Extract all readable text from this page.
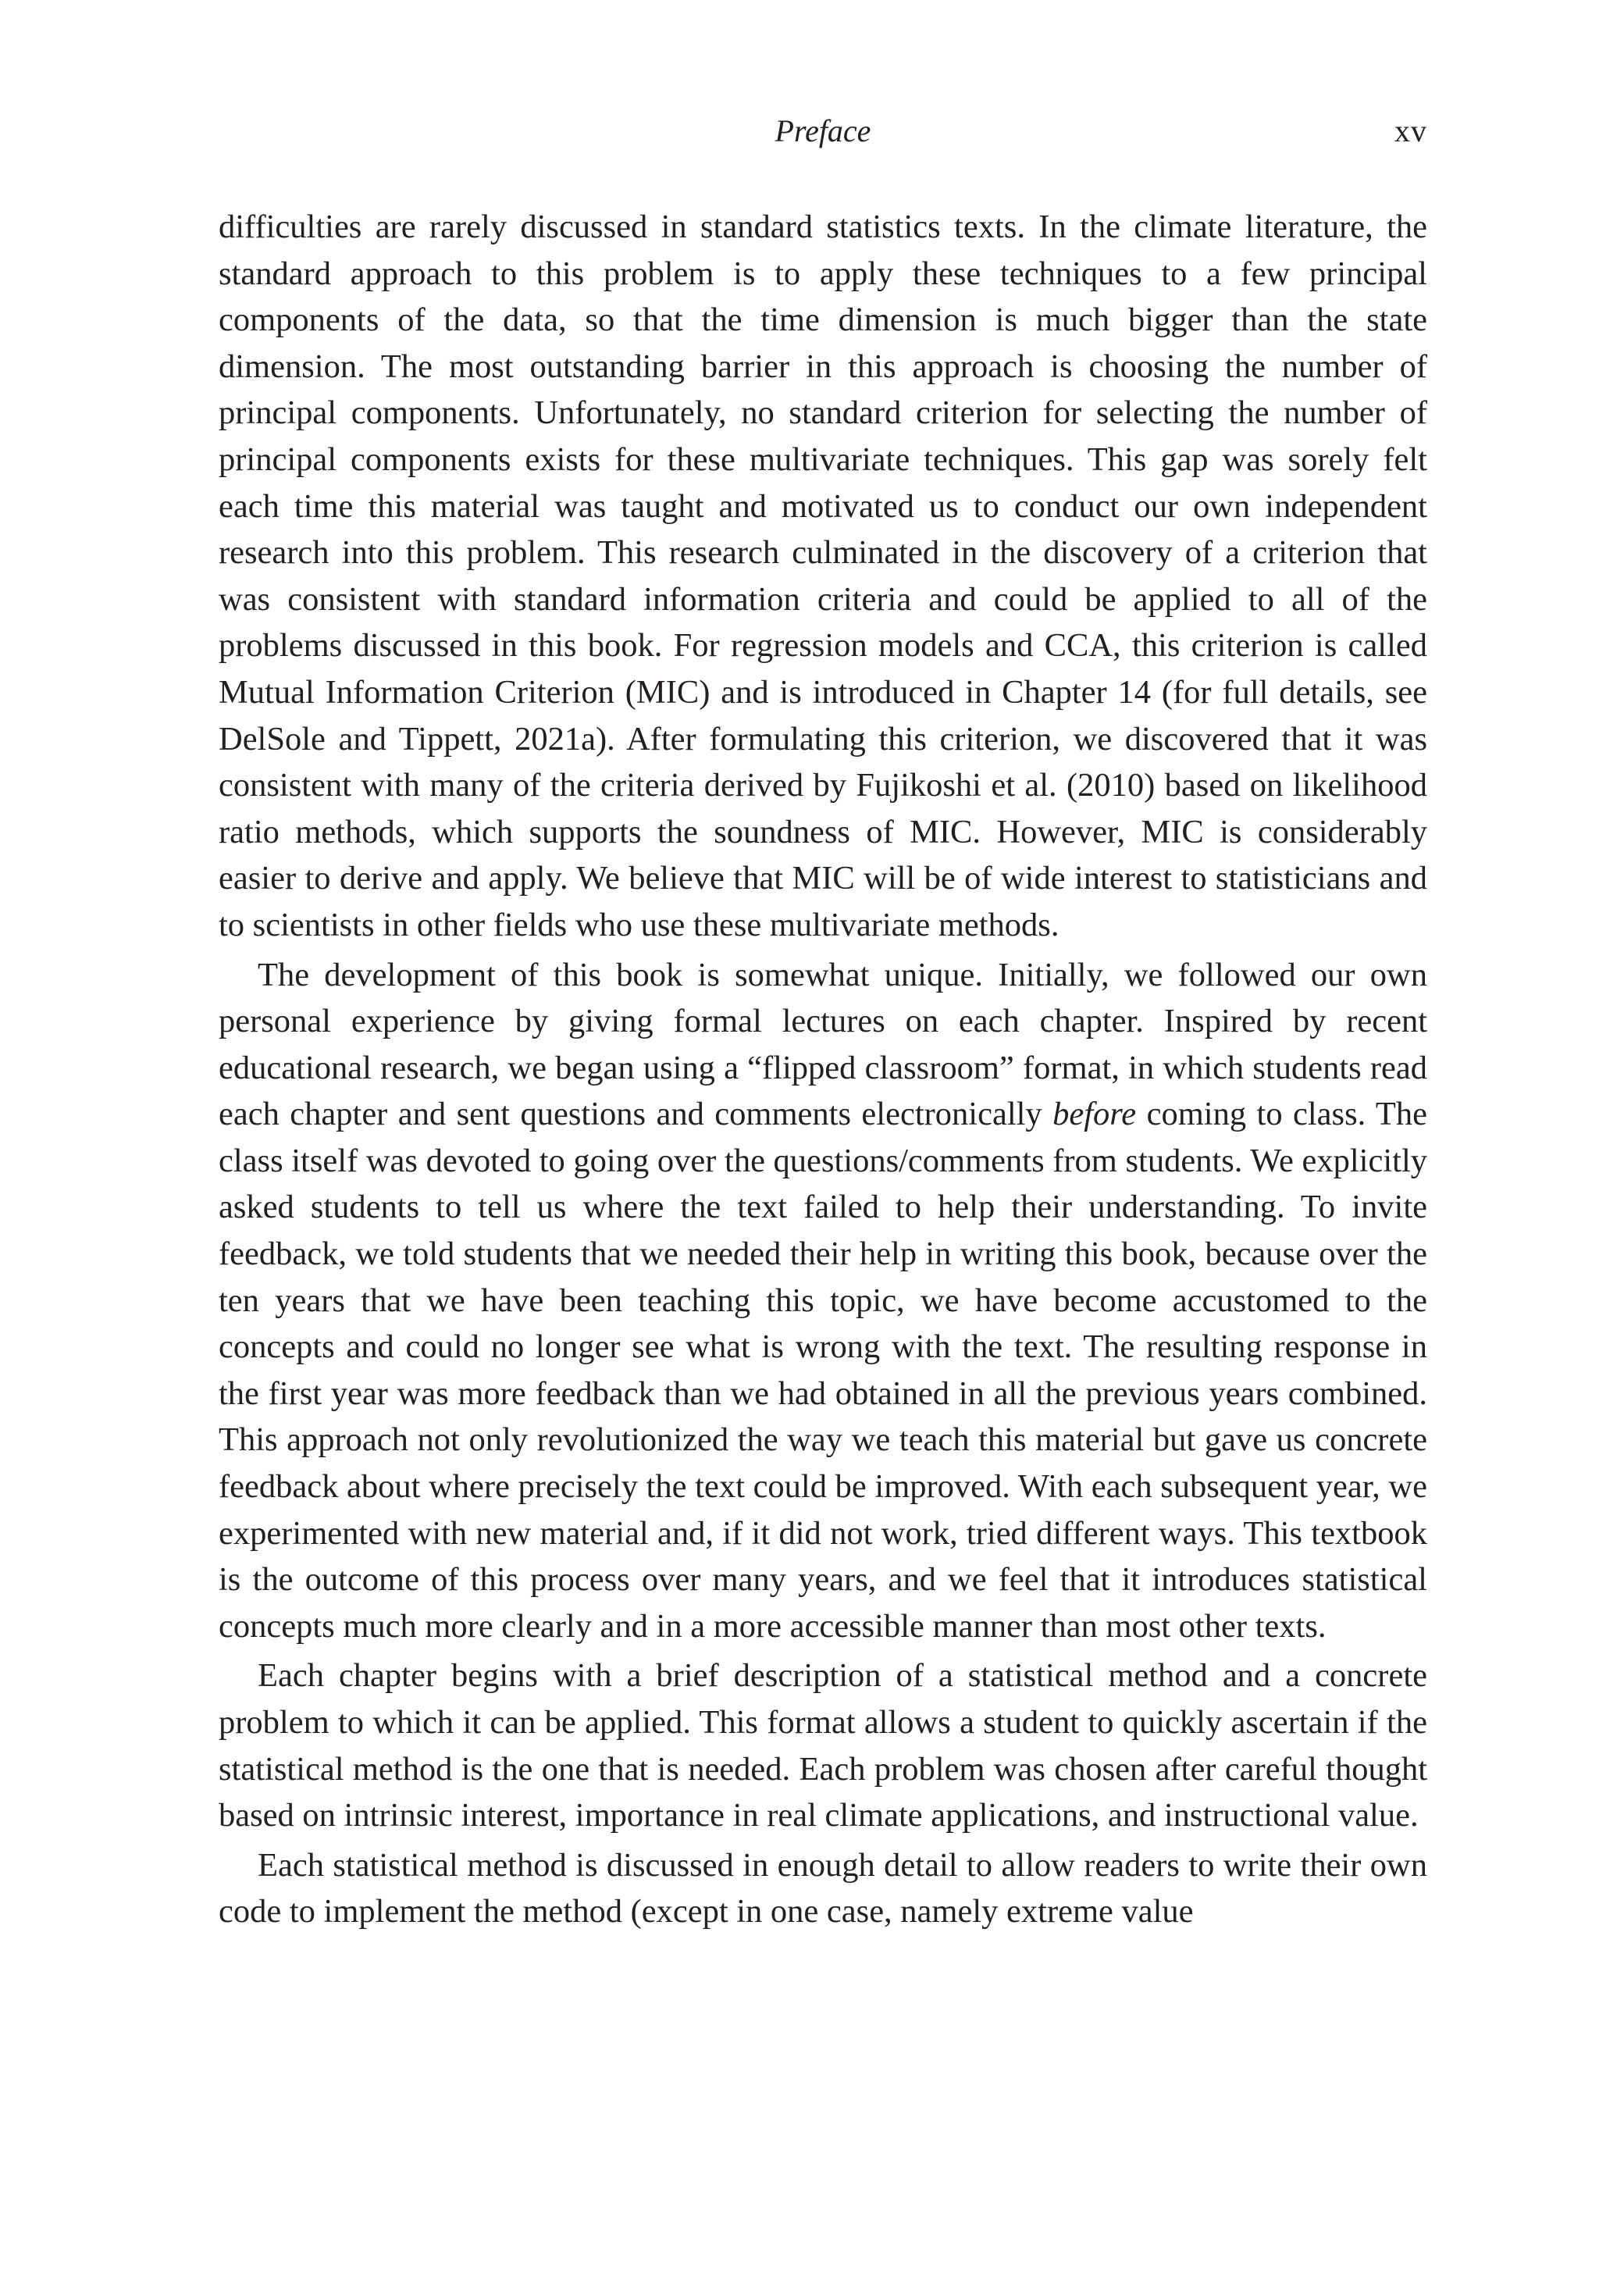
Preface	xv

difficulties are rarely discussed in standard statistics texts. In the climate literature, the standard approach to this problem is to apply these techniques to a few principal components of the data, so that the time dimension is much bigger than the state dimension. The most outstanding barrier in this approach is choosing the number of principal components. Unfortunately, no standard criterion for selecting the number of principal components exists for these multivariate techniques. This gap was sorely felt each time this material was taught and motivated us to conduct our own independent research into this problem. This research culminated in the discovery of a criterion that was consistent with standard information criteria and could be applied to all of the problems discussed in this book. For regression models and CCA, this criterion is called Mutual Information Criterion (MIC) and is introduced in Chapter 14 (for full details, see DelSole and Tippett, 2021a). After formulating this criterion, we discovered that it was consistent with many of the criteria derived by Fujikoshi et al. (2010) based on likelihood ratio methods, which supports the soundness of MIC. However, MIC is considerably easier to derive and apply. We believe that MIC will be of wide interest to statisticians and to scientists in other fields who use these multivariate methods.

The development of this book is somewhat unique. Initially, we followed our own personal experience by giving formal lectures on each chapter. Inspired by recent educational research, we began using a “flipped classroom” format, in which students read each chapter and sent questions and comments electronically before coming to class. The class itself was devoted to going over the questions/comments from students. We explicitly asked students to tell us where the text failed to help their understanding. To invite feedback, we told students that we needed their help in writing this book, because over the ten years that we have been teaching this topic, we have become accustomed to the concepts and could no longer see what is wrong with the text. The resulting response in the first year was more feedback than we had obtained in all the previous years combined. This approach not only revolutionized the way we teach this material but gave us concrete feedback about where precisely the text could be improved. With each subsequent year, we experimented with new material and, if it did not work, tried different ways. This textbook is the outcome of this process over many years, and we feel that it introduces statistical concepts much more clearly and in a more accessible manner than most other texts.

Each chapter begins with a brief description of a statistical method and a concrete problem to which it can be applied. This format allows a student to quickly ascertain if the statistical method is the one that is needed. Each problem was chosen after careful thought based on intrinsic interest, importance in real climate applications, and instructional value.

Each statistical method is discussed in enough detail to allow readers to write their own code to implement the method (except in one case, namely extreme value
